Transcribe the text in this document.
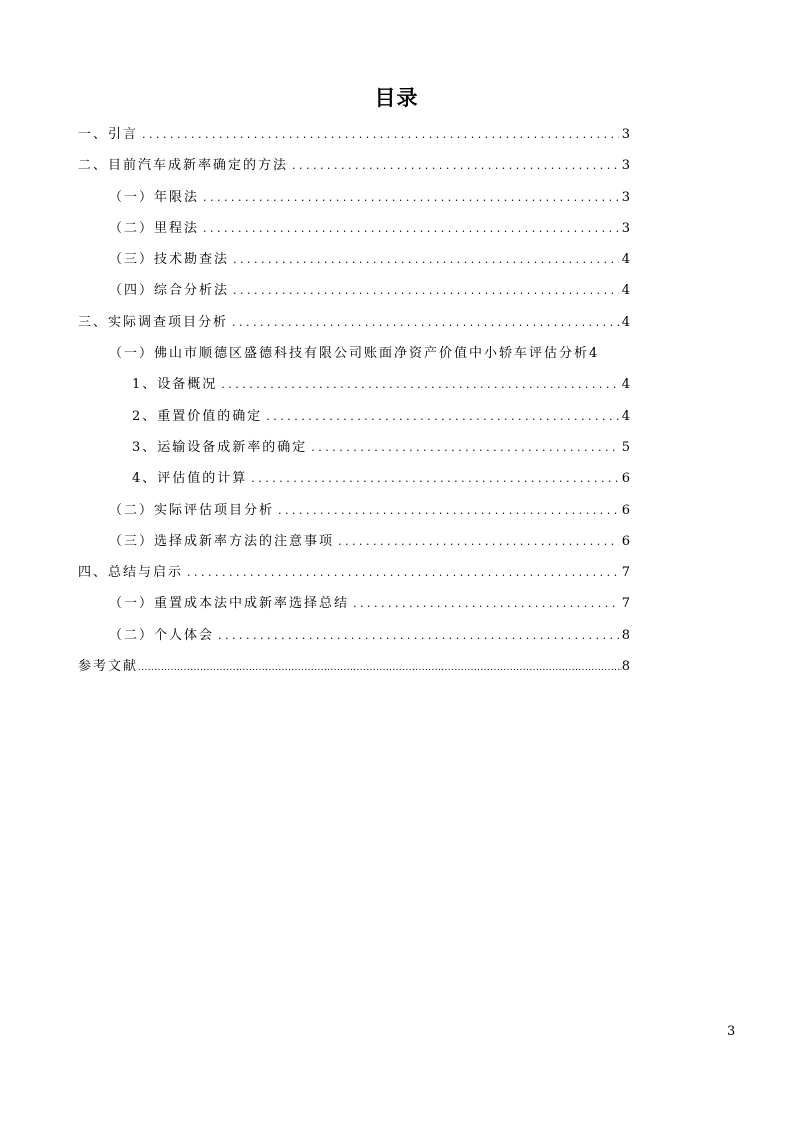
目录
一、引言 . . .	3
二、目前汽车成新率确定的方法 . . .	3
（一）年限法 . . .	3
（二）里程法 . . .	3
（三）技术勘查法 . . .	4
（四）综合分析法 . . .	4
三、实际调查项目分析 . . .	4
（一）佛山市顺德区盛德科技有限公司账面净资产价值中小轿车评估分析 4
1、设备概况 . . .	4
2、重置价值的确定 . . .	4
3、运输设备成新率的确定 . . .	5
4、评估值的计算 . . .	6
（二）实际评估项目分析 . . .	6
（三）选择成新率方法的注意事项 . . .	6
四、总结与启示 . . .	7
（一）重置成本法中成新率选择总结 . . .	7
（二）个人体会 . . .	8
参考文献 .....	8
3
